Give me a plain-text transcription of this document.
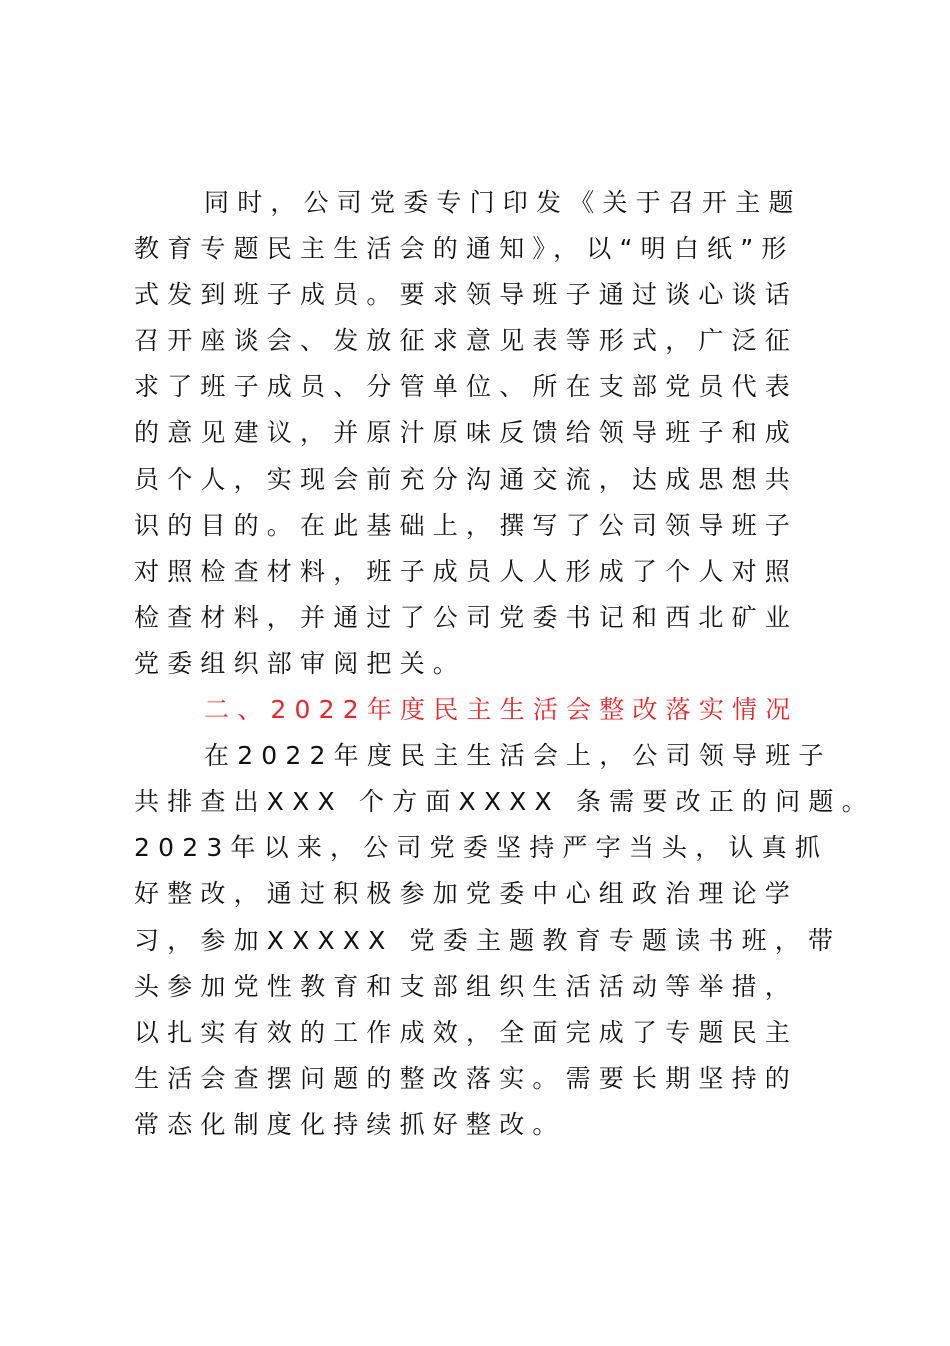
同时，公司党委专门印发《关于召开主题
教育专题民主生活会的通知》，以“明白纸”形
式发到班子成员。要求领导班子通过谈心谈话
召开座谈会、发放征求意见表等形式，广泛征
求了班子成员、分管单位、所在支部党员代表
的意见建议，并原汁原味反馈给领导班子和成
员个人，实现会前充分沟通交流，达成思想共
识的目的。在此基础上，撰写了公司领导班子
对照检查材料，班子成员人人形成了个人对照
检查材料，并通过了公司党委书记和西北矿业
党委组织部审阅把关。
二、2022年度民主生活会整改落实情况
在2022年度民主生活会上，公司领导班子
共排查出XXX 个方面XXXX 条需要改正的问题。
2023年以来，公司党委坚持严字当头，认真抓
好整改，通过积极参加党委中心组政治理论学
习，参加XXXXX 党委主题教育专题读书班，带
头参加党性教育和支部组织生活活动等举措，
以扎实有效的工作成效，全面完成了专题民主
生活会查摆问题的整改落实。需要长期坚持的
常态化制度化持续抓好整改。
